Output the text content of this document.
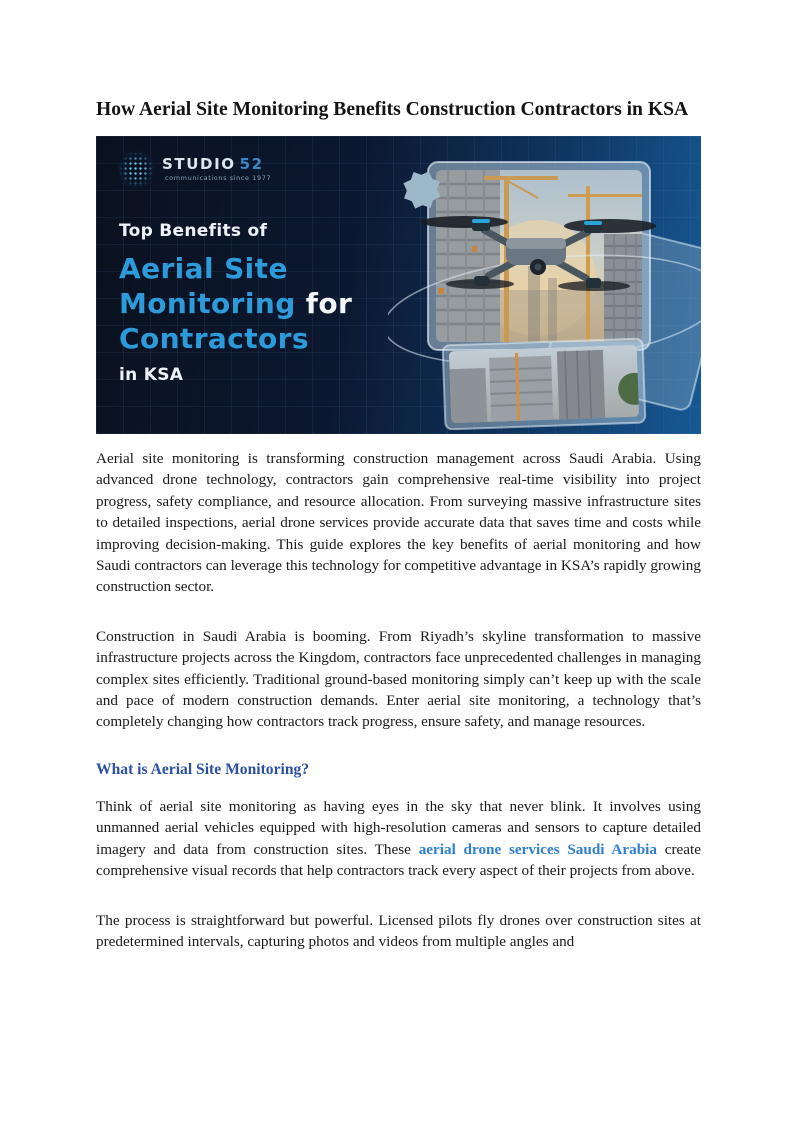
How Aerial Site Monitoring Benefits Construction Contractors in KSA
STUDIO 52
communications since 1977
Top Benefits of
Aerial Site
Monitoring for
Contractors
in KSA

Aerial site monitoring is transforming construction management across Saudi Arabia. Using advanced drone technology, contractors gain comprehensive real-time visibility into project progress, safety compliance, and resource allocation. From surveying massive infrastructure sites to detailed inspections, aerial drone services provide accurate data that saves time and costs while improving decision-making. This guide explores the key benefits of aerial monitoring and how Saudi contractors can leverage this technology for competitive advantage in KSA’s rapidly growing construction sector.

Construction in Saudi Arabia is booming. From Riyadh’s skyline transformation to massive infrastructure projects across the Kingdom, contractors face unprecedented challenges in managing complex sites efficiently. Traditional ground-based monitoring simply can’t keep up with the scale and pace of modern construction demands. Enter aerial site monitoring, a technology that’s completely changing how contractors track progress, ensure safety, and manage resources.

What is Aerial Site Monitoring?

Think of aerial site monitoring as having eyes in the sky that never blink. It involves using unmanned aerial vehicles equipped with high-resolution cameras and sensors to capture detailed imagery and data from construction sites. These aerial drone services Saudi Arabia create comprehensive visual records that help contractors track every aspect of their projects from above.

The process is straightforward but powerful. Licensed pilots fly drones over construction sites at predetermined intervals, capturing photos and videos from multiple angles and
